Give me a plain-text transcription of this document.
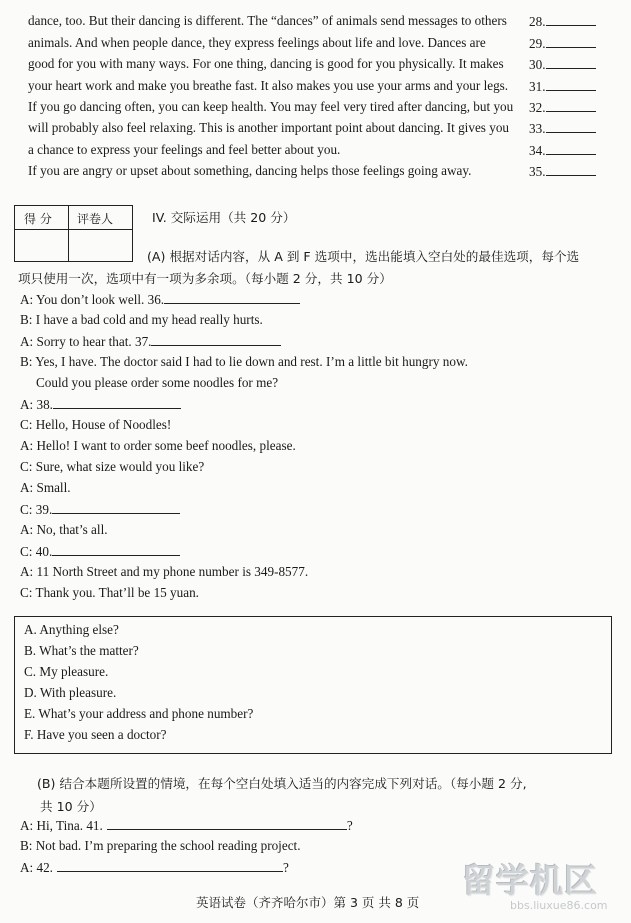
dance, too. But their dancing is different. The “dances” of animals send messages to others
animals. And when people dance, they express feelings about life and love. Dances are
good for you with many ways. For one thing, dancing is good for you physically. It makes
your heart work and make you breathe fast. It also makes you use your arms and your legs.
If you go dancing often, you can keep health. You may feel very tired after dancing, but you
will probably also feel relaxing. This is another important point about dancing. It gives you
a chance to express your feelings and feel better about you.
If you are angry or upset about something, dancing helps those feelings going away.
28.
29.
30.
31.
32.
33.
34.
35.
得 分 评卷人	IV. 交际运用（共 20 分）
(A) 根据对话内容，从 A 到 F 选项中，选出能填入空白处的最佳选项，每个选
项只使用一次，选项中有一项为多余项。（每小题 2 分，共 10 分）
A: You don’t look well. 36.
B: I have a bad cold and my head really hurts.
A: Sorry to hear that. 37.
B: Yes, I have. The doctor said I had to lie down and rest. I’m a little bit hungry now.
Could you please order some noodles for me?
A: 38.
C: Hello, House of Noodles!
A: Hello! I want to order some beef noodles, please.
C: Sure, what size would you like?
A: Small.
C: 39.
A: No, that’s all.
C: 40.
A: 11 North Street and my phone number is 349-8577.
C: Thank you. That’ll be 15 yuan.
A. Anything else?
B. What’s the matter?
C. My pleasure.
D. With pleasure.
E. What’s your address and phone number?
F. Have you seen a doctor?
(B) 结合本题所设置的情境，在每个空白处填入适当的内容完成下列对话。（每小题 2 分,
共 10 分）
A: Hi, Tina. 41.	?
B: Not bad. I’m preparing the school reading project.
A: 42.	?
英语试卷（齐齐哈尔市）第 3 页 共 8 页
留学机区
bbs.liuxue86.com
